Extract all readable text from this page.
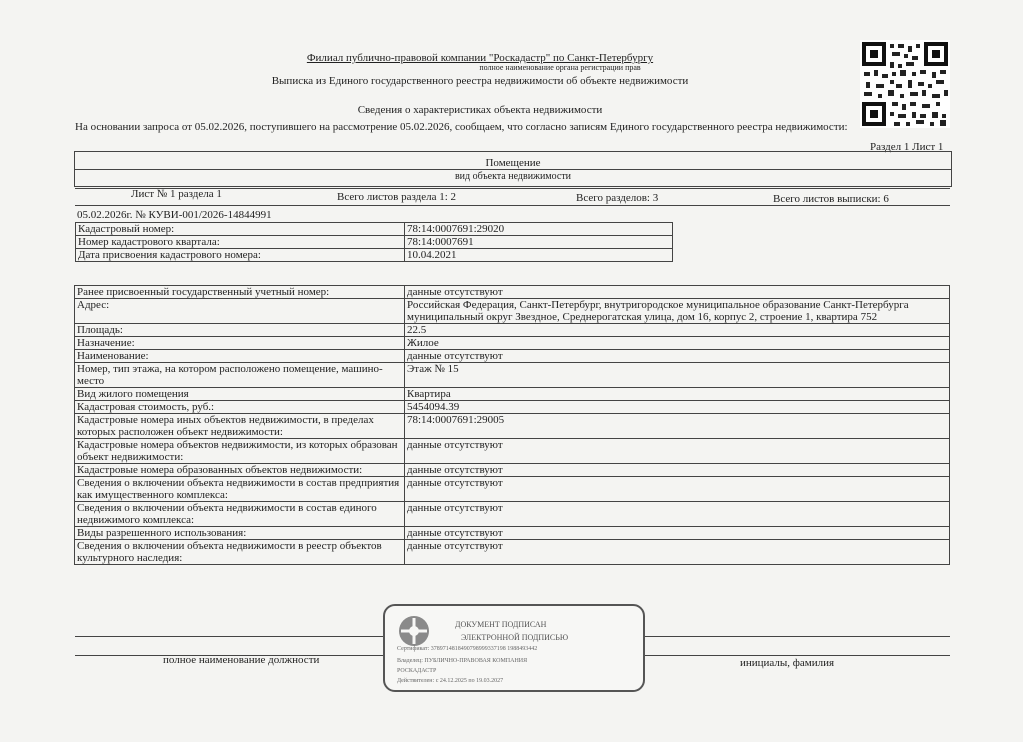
Филиал публично-правовой компании "Роскадастр" по Санкт-Петербургу
полное наименование органа регистрации прав
Выписка из Единого государственного реестра недвижимости об объекте недвижимости
Сведения о характеристиках объекта недвижимости
На основании запроса от 05.02.2026, поступившего на рассмотрение 05.02.2026, сообщаем, что согласно записям Единого государственного реестра недвижимости:
Раздел 1 Лист 1
Помещение
вид объекта недвижимости
Лист № 1 раздела 1	Всего листов раздела 1: 2	Всего разделов: 3	Всего листов выписки: 6
05.02.2026г. № КУВИ-001/2026-14844991
Кадастровый номер:	78:14:0007691:29020
Номер кадастрового квартала:	78:14:0007691
Дата присвоения кадастрового номера:	10.04.2021
Ранее присвоенный государственный учетный номер:	данные отсутствуют
Адрес:	Российская Федерация, Санкт-Петербург, внутригородское муниципальное образование Санкт-Петербурга муниципальный округ Звездное, Среднерогатская улица, дом 16, корпус 2, строение 1, квартира 752
Площадь:	22.5
Назначение:	Жилое
Наименование:	данные отсутствуют
Номер, тип этажа, на котором расположено помещение, машино-место	Этаж № 15
Вид жилого помещения	Квартира
Кадастровая стоимость, руб.:	5454094.39
Кадастровые номера иных объектов недвижимости, в пределах которых расположен объект недвижимости:	78:14:0007691:29005
Кадастровые номера объектов недвижимости, из которых образован объект недвижимости:	данные отсутствуют
Кадастровые номера образованных объектов недвижимости:	данные отсутствуют
Сведения о включении объекта недвижимости в состав предприятия как имущественного комплекса:	данные отсутствуют
Сведения о включении объекта недвижимости в состав единого недвижимого комплекса:	данные отсутствуют
Виды разрешенного использования:	данные отсутствуют
Сведения о включении объекта недвижимости в реестр объектов культурного наследия:	данные отсутствуют
полное наименование должности	инициалы, фамилия
ДОКУМЕНТ ПОДПИСАН
ЭЛЕКТРОННОЙ ПОДПИСЬЮ
Сертификат: 3789714818490798999337198 1988493442
Владелец: ПУБЛИЧНО-ПРАВОВАЯ КОМПАНИЯ
РОСКАДАСТР
Действителен: с 24.12.2025 по 19.03.2027
